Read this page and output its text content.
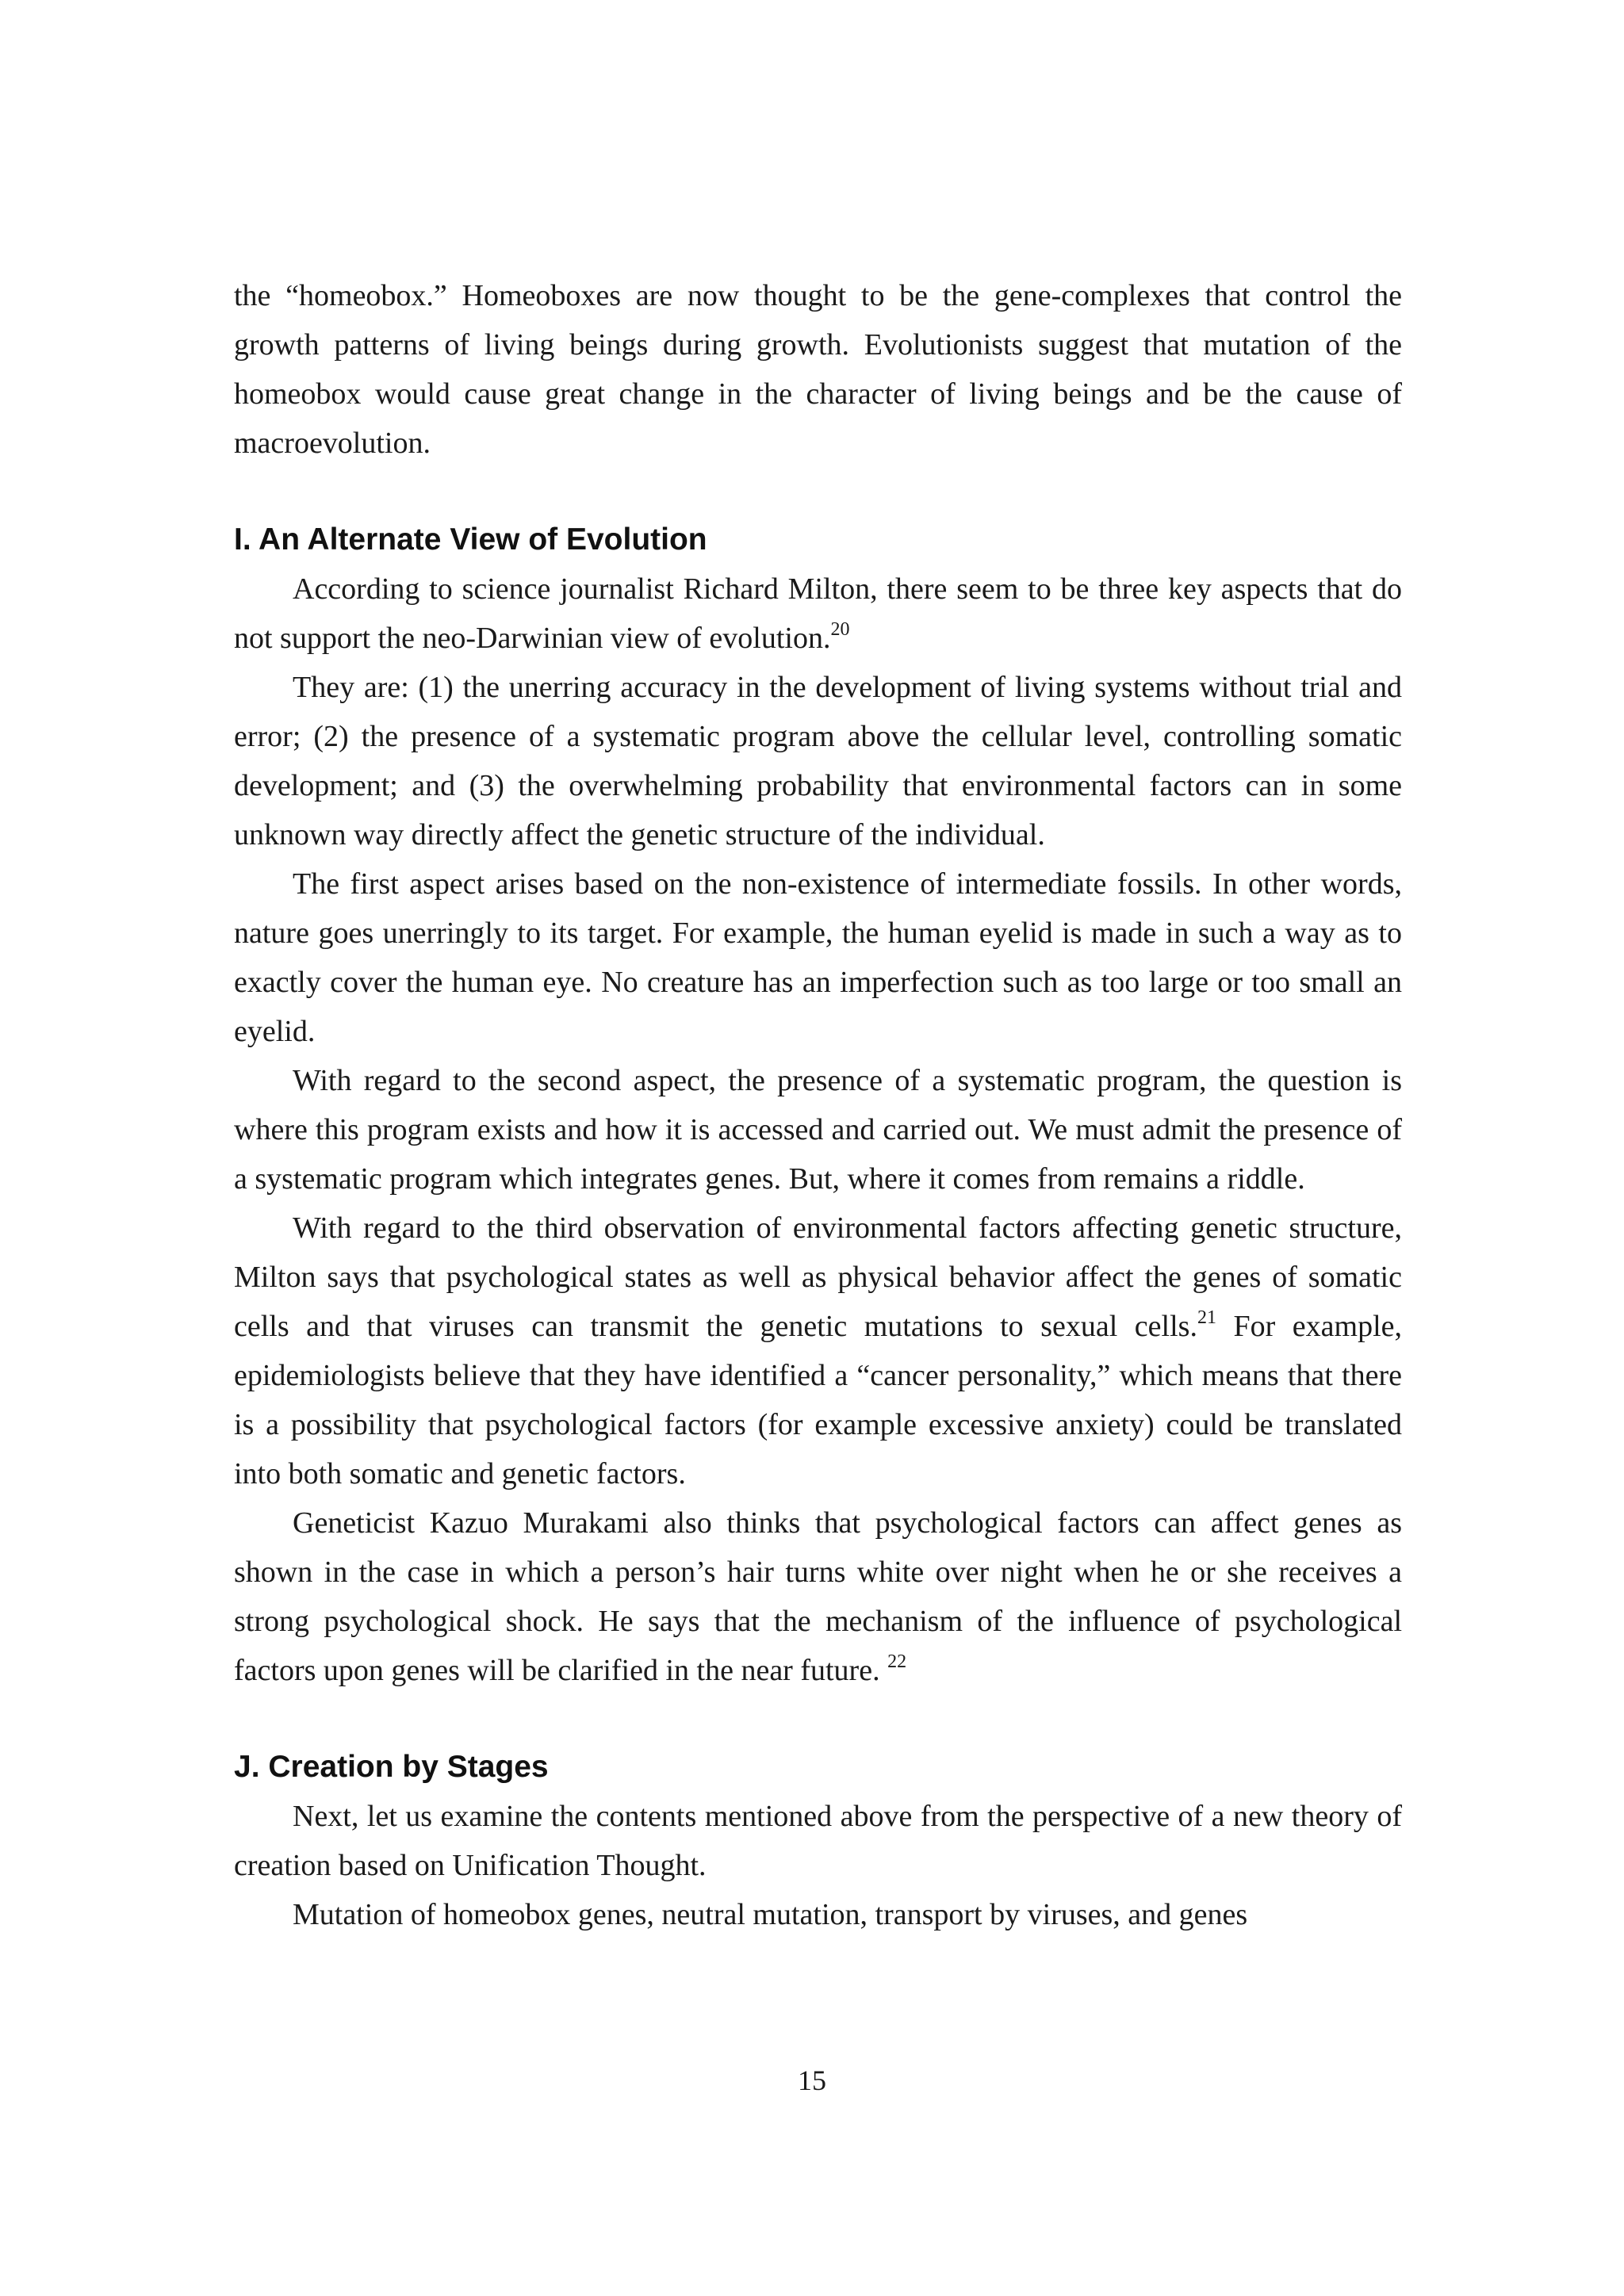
the “homeobox.” Homeoboxes are now thought to be the gene-complexes that control the growth patterns of living beings during growth. Evolutionists suggest that mutation of the homeobox would cause great change in the character of living beings and be the cause of macroevolution.

I. An Alternate View of Evolution

According to science journalist Richard Milton, there seem to be three key aspects that do not support the neo-Darwinian view of evolution.$^{20}$

They are: (1) the unerring accuracy in the development of living systems without trial and error; (2) the presence of a systematic program above the cellular level, controlling somatic development; and (3) the overwhelming probability that environmental factors can in some unknown way directly affect the genetic structure of the individual.

The first aspect arises based on the non-existence of intermediate fossils. In other words, nature goes unerringly to its target. For example, the human eyelid is made in such a way as to exactly cover the human eye. No creature has an imperfection such as too large or too small an eyelid.

With regard to the second aspect, the presence of a systematic program, the question is where this program exists and how it is accessed and carried out. We must admit the presence of a systematic program which integrates genes. But, where it comes from remains a riddle.

With regard to the third observation of environmental factors affecting genetic structure, Milton says that psychological states as well as physical behavior affect the genes of somatic cells and that viruses can transmit the genetic mutations to sexual cells.$^{21}$ For example, epidemiologists believe that they have identified a “cancer personality,” which means that there is a possibility that psychological factors (for example excessive anxiety) could be translated into both somatic and genetic factors.

Geneticist Kazuo Murakami also thinks that psychological factors can affect genes as shown in the case in which a person’s hair turns white over night when he or she receives a strong psychological shock. He says that the mechanism of the influence of psychological factors upon genes will be clarified in the near future. $^{22}$

J. Creation by Stages

Next, let us examine the contents mentioned above from the perspective of a new theory of creation based on Unification Thought.

Mutation of homeobox genes, neutral mutation, transport by viruses, and genes

15
